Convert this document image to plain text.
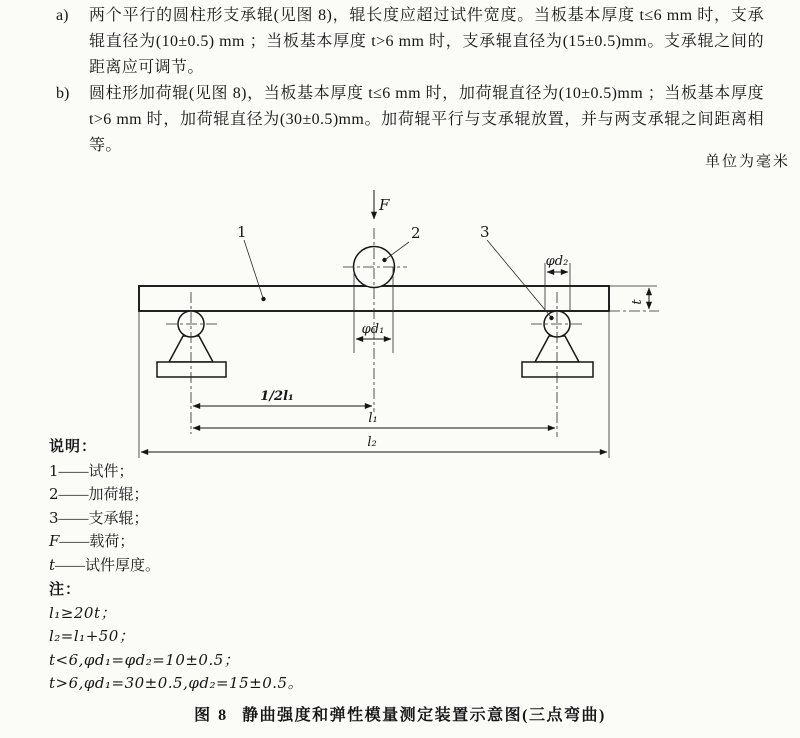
a) 两个平行的圆柱形支承辊(见图 8)，辊长度应超过试件宽度。当板基本厚度 t≤6 mm 时，支承辊直径为(10±0.5) mm ；当板基本厚度 t>6 mm 时，支承辊直径为(15±0.5)mm。支承辊之间的距离应可调节。
b) 圆柱形加荷辊(见图 8)，当板基本厚度 t≤6 mm 时，加荷辊直径为(10±0.5)mm ；当板基本厚度 t>6 mm 时，加荷辊直径为(30±0.5)mm。加荷辊平行与支承辊放置，并与两支承辊之间距离相等。
单位为毫米
t
φd₁
φd₂
F
1	2	3
1/2l₁
l₁
l₂
说明：
1——试件；
2——加荷辊；
3——支承辊；
F——载荷；
t——试件厚度。
注：
l₁≥20t；
l₂=l₁+50；
t<6,φd₁=φd₂=10±0.5；
t>6,φd₁=30±0.5,φd₂=15±0.5。
图 8 静曲强度和弹性模量测定装置示意图(三点弯曲)
